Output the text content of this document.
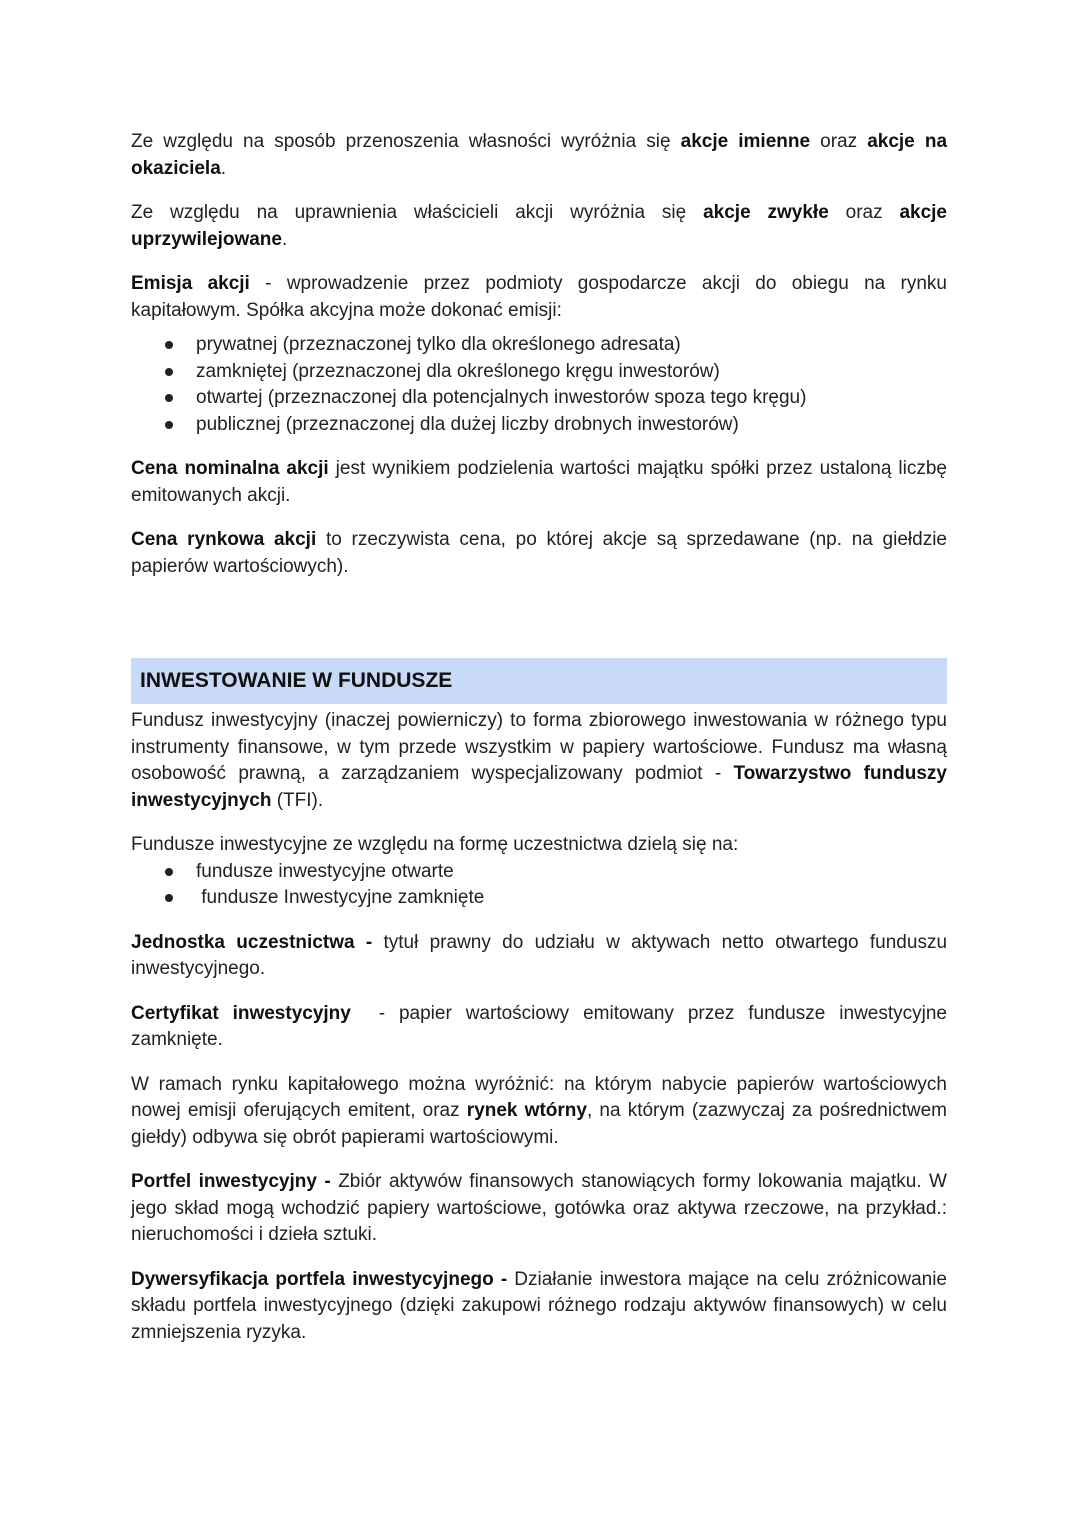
Ze względu na sposób przenoszenia własności wyróżnia się akcje imienne oraz akcje na okaziciela.

Ze względu na uprawnienia właścicieli akcji wyróżnia się akcje zwykłe oraz akcje uprzywilejowane.

Emisja akcji - wprowadzenie przez podmioty gospodarcze akcji do obiegu na rynku kapitałowym. Spółka akcyjna może dokonać emisji:

prywatnej (przeznaczonej tylko dla określonego adresata)
zamkniętej (przeznaczonej dla określonego kręgu inwestorów)
otwartej (przeznaczonej dla potencjalnych inwestorów spoza tego kręgu)
publicznej (przeznaczonej dla dużej liczby drobnych inwestorów)

Cena nominalna akcji jest wynikiem podzielenia wartości majątku spółki przez ustaloną liczbę emitowanych akcji.

Cena rynkowa akcji to rzeczywista cena, po której akcje są sprzedawane (np. na giełdzie papierów wartościowych).

INWESTOWANIE W FUNDUSZE

Fundusz inwestycyjny (inaczej powierniczy) to forma zbiorowego inwestowania w różnego typu instrumenty finansowe, w tym przede wszystkim w papiery wartościowe. Fundusz ma własną osobowość prawną, a zarządzaniem wyspecjalizowany podmiot - Towarzystwo funduszy inwestycyjnych (TFI).

Fundusze inwestycyjne ze względu na formę uczestnictwa dzielą się na:

fundusze inwestycyjne otwarte
fundusze Inwestycyjne zamknięte

Jednostka uczestnictwa - tytuł prawny do udziału w aktywach netto otwartego funduszu inwestycyjnego.

Certyfikat inwestycyjny  - papier wartościowy emitowany przez fundusze inwestycyjne zamknięte.

W ramach rynku kapitałowego można wyróżnić: na którym nabycie papierów wartościowych nowej emisji oferujących emitent, oraz rynek wtórny, na którym (zazwyczaj za pośrednictwem giełdy) odbywa się obrót papierami wartościowymi.

Portfel inwestycyjny - Zbiór aktywów finansowych stanowiących formy lokowania majątku. W jego skład mogą wchodzić papiery wartościowe, gotówka oraz aktywa rzeczowe, na przykład.: nieruchomości i dzieła sztuki.

Dywersyfikacja portfela inwestycyjnego - Działanie inwestora mające na celu zróżnicowanie składu portfela inwestycyjnego (dzięki zakupowi różnego rodzaju aktywów finansowych) w celu zmniejszenia ryzyka.
